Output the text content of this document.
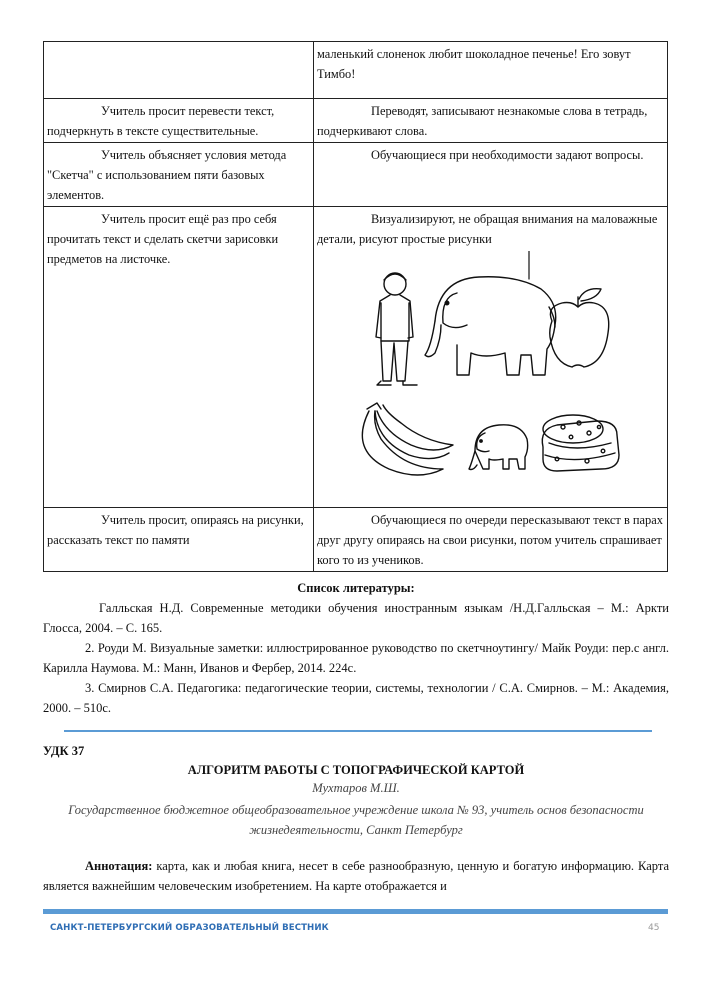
	маленький слоненок любит шоколадное печенье! Его зовут Тимбо!
Учитель просит перевести текст, подчеркнуть в тексте существительные.	Переводят, записывают незнакомые слова в тетрадь, подчеркивают слова.
Учитель объясняет условия метода "Скетча" с использованием пяти базовых элементов.	Обучающиеся при необходимости задают вопросы.
Учитель просит ещё раз про себя прочитать текст и сделать скетчи зарисовки предметов на листочке.	Визуализируют, не обращая внимания на маловажные детали, рисуют простые рисунки

Учитель просит, опираясь на рисунки, рассказать текст по памяти	Обучающиеся по очереди пересказывают текст в парах друг другу опираясь на свои рисунки, потом учитель спрашивает кого то из учеников.
Список литературы:

Галльская Н.Д. Современные методики обучения иностранным языкам /Н.Д.Галльская – М.: Аркти Глосса, 2004. – С. 165.

2. Роуди М. Визуальные заметки: иллюстрированное руководство по скетчноутингу/ Майк Роуди: пер.с англ. Карилла Наумова. М.: Манн, Иванов и Фербер, 2014. 224с.

3. Смирнов С.А. Педагогика: педагогические теории, системы, технологии / С.А. Смирнов. – М.: Академия, 2000. – 510с.

УДК 37
АЛГОРИТМ РАБОТЫ С ТОПОГРАФИЧЕСКОЙ КАРТОЙ
Мухтаров М.Ш.
Государственное бюджетное общеобразовательное учреждение школа № 93, учитель основ безопасности жизнедеятельности, Санкт Петербург

Аннотация: карта, как и любая книга, несет в себе разнообразную, ценную и богатую информацию. Карта является важнейшим человеческим изобретением. На карте отображается и

САНКТ-ПЕТЕРБУРГСКИЙ ОБРАЗОВАТЕЛЬНЫЙ ВЕСТНИК	45
